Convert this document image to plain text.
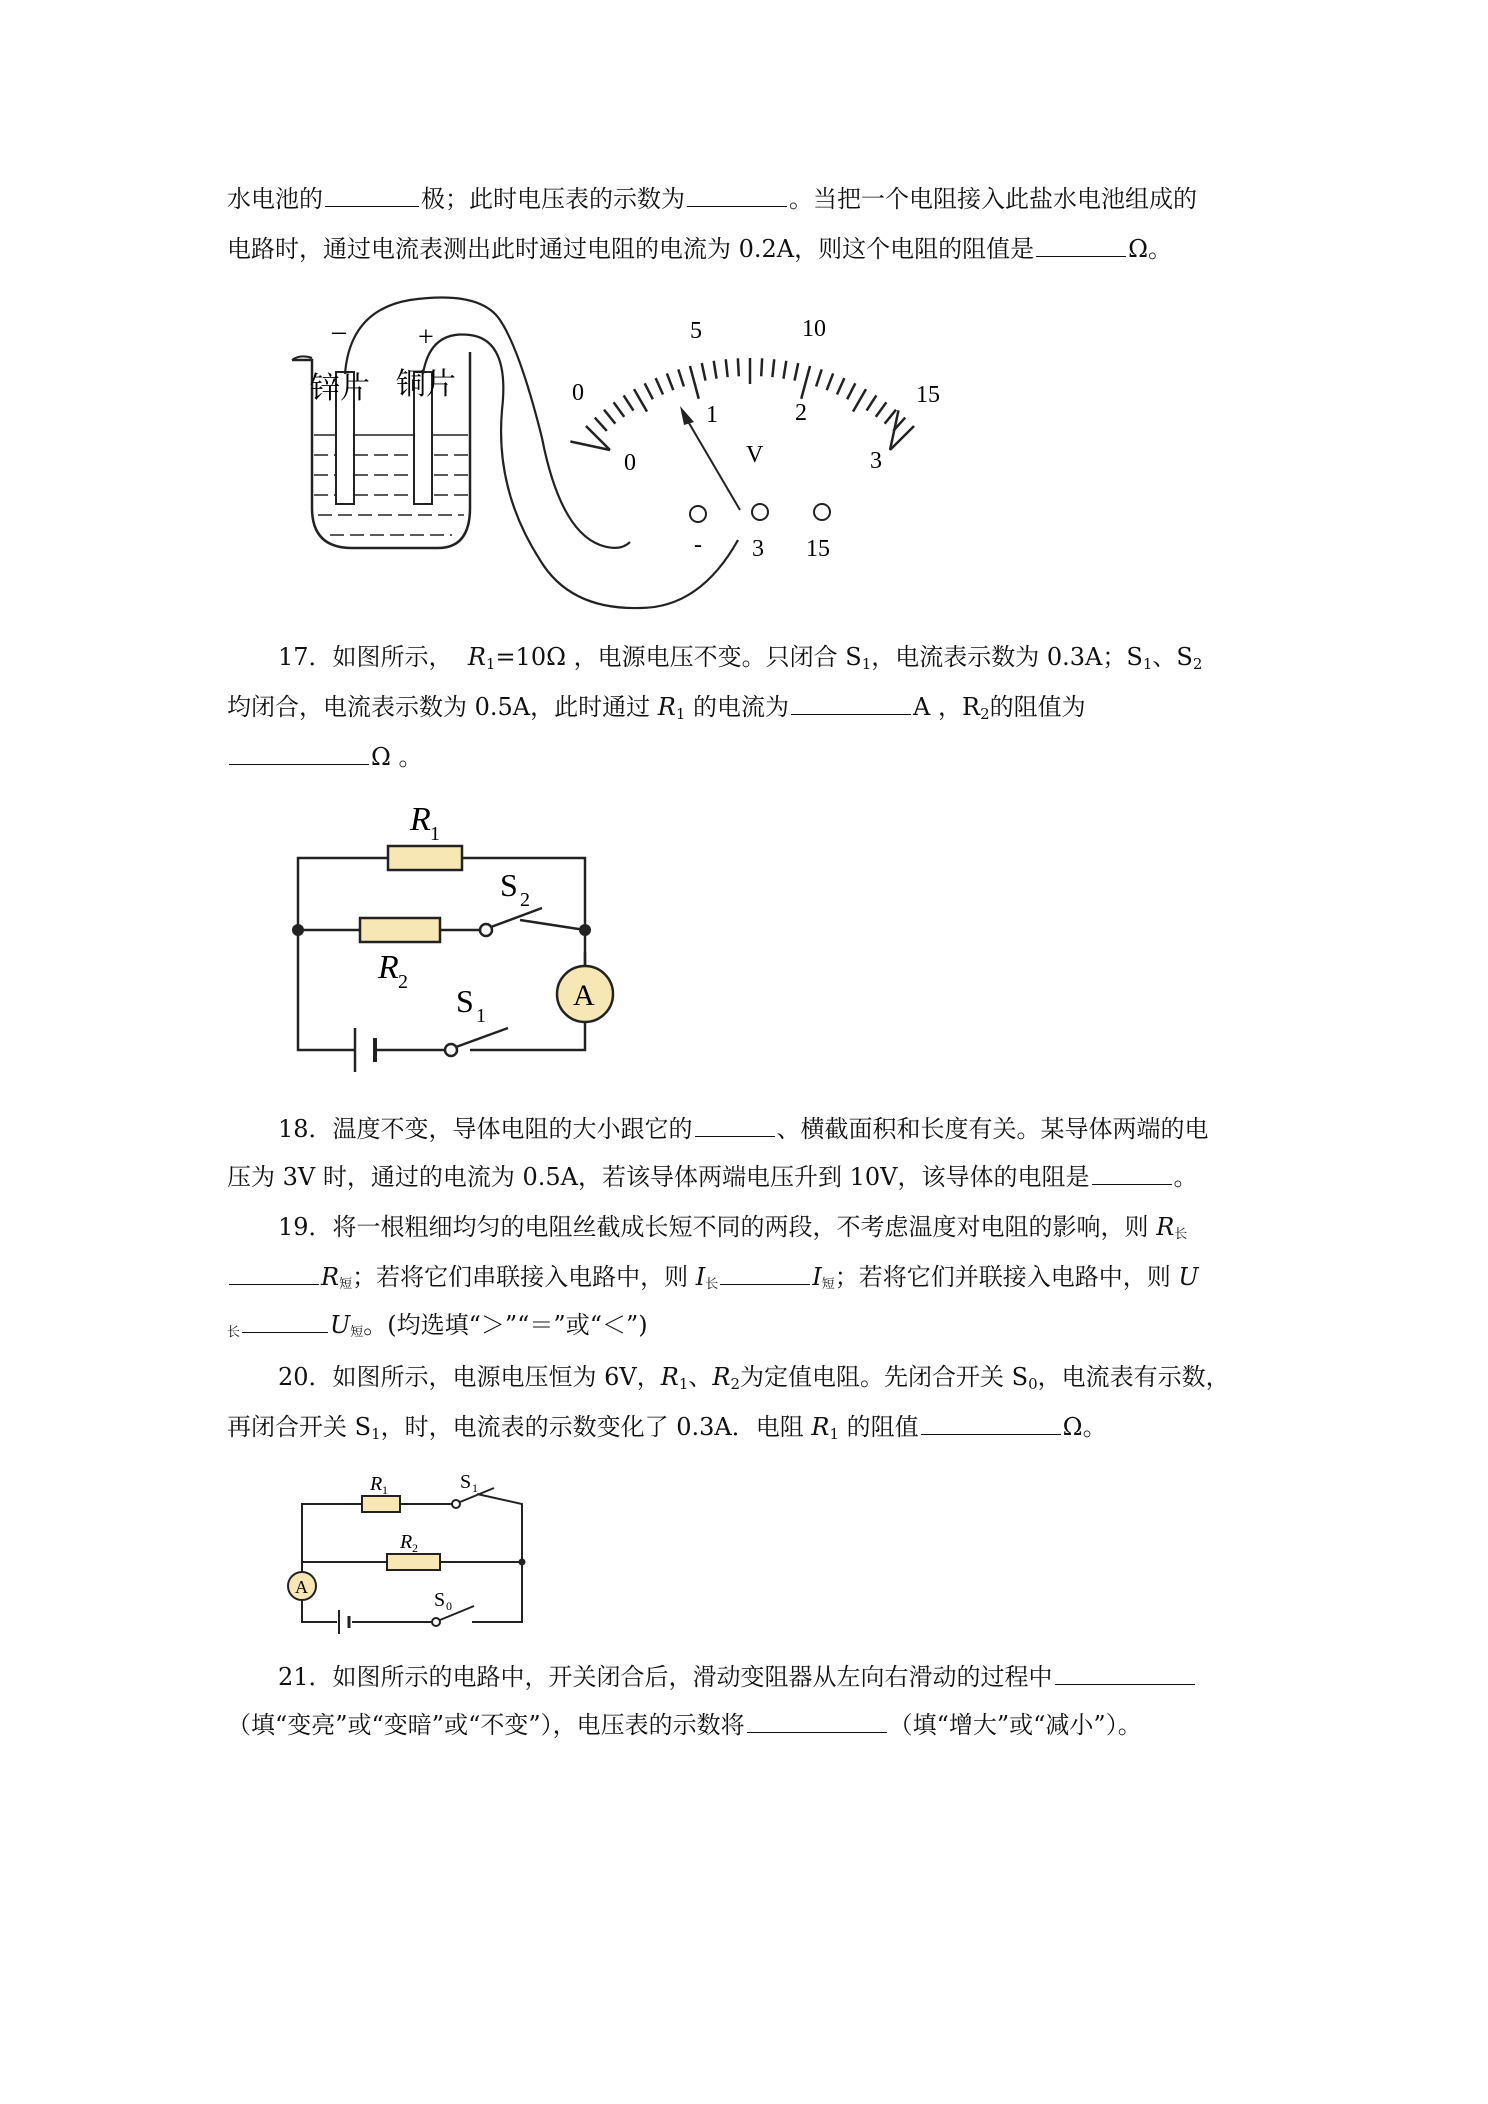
水电池的	极；此时电压表的示数为	。当把一个电阻接入此盐水电池组成的
电路时，通过电流表测出此时通过电阻的电流为 0.2A，则这个电阻的阻值是	Ω。
–	+
锌片 铜片	0
5	10
15
0
1	2
3
V
- 3 15
17．如图所示， $R_1=10\Omega$ ，电源电压不变。只闭合 $S_1$，电流表示数为 0.3A；$S_1$、$S_2$
均闭合，电流表示数为 0.5A，此时通过 $R_1$ 的电流为	A ，$R_2$的阻值为
Ω 。
A
R 1
S 2
R 2
S 1
18．温度不变，导体电阻的大小跟它的	、横截面积和长度有关。某导体两端的电
压为 3V 时，通过的电流为 0.5A，若该导体两端电压升到 10V，该导体的电阻是	。
19．将一根粗细均匀的电阻丝截成长短不同的两段，不考虑温度对电阻的影响，则 R长
R短；若将它们串联接入电路中，则 I长	I短；若将它们并联接入电路中，则 U
长	U短。(均选填“＞”“＝”或“＜”)
20．如图所示，电源电压恒为 6V，$R_1$、$R_2$为定值电阻。先闭合开关 $S_0$，电流表有示数，
再闭合开关 $S_1$，时，电流表的示数变化了 0.3A．电阻 $R_1$ 的阻值	Ω。
A
R 1	S 1
R 2
S 0
21．如图所示的电路中，开关闭合后，滑动变阻器从左向右滑动的过程中
（填“变亮”或“变暗”或“不变”），电压表的示数将	（填“增大”或“减小”）。
